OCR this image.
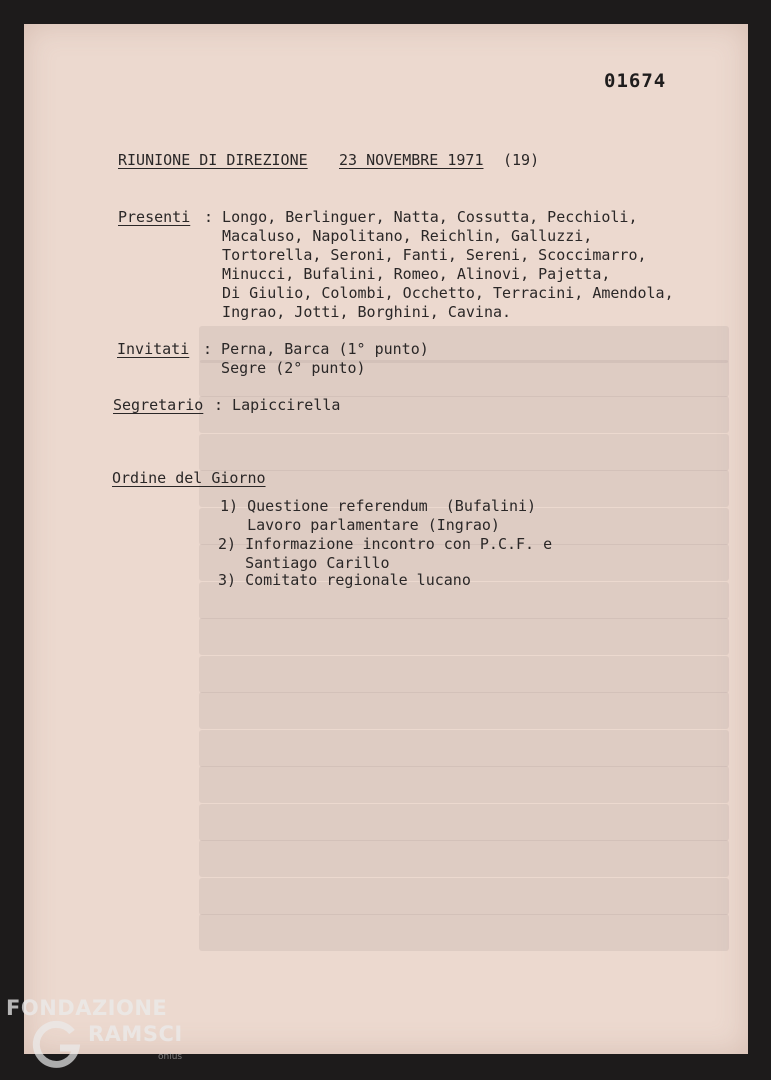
01674
RIUNIONE DI DIREZIONE 23 NOVEMBRE 1971 (19)
Presenti : Longo, Berlinguer, Natta, Cossutta, Pecchioli,
Macaluso, Napolitano, Reichlin, Galluzzi,
Tortorella, Seroni, Fanti, Sereni, Scoccimarro,
Minucci, Bufalini, Romeo, Alinovi, Pajetta,
Di Giulio, Colombi, Occhetto, Terracini, Amendola,
Ingrao, Jotti, Borghini, Cavina.
Invitati : Perna, Barca (1° punto)
Segre (2° punto)
Segretario : Lapiccirella
Ordine del Giorno
1) Questione referendum  (Bufalini)
Lavoro parlamentare (Ingrao)
2) Informazione incontro con P.C.F. e
Santiago Carillo
3) Comitato regionale lucano
FONDAZIONE
RAMSCI
onlus
